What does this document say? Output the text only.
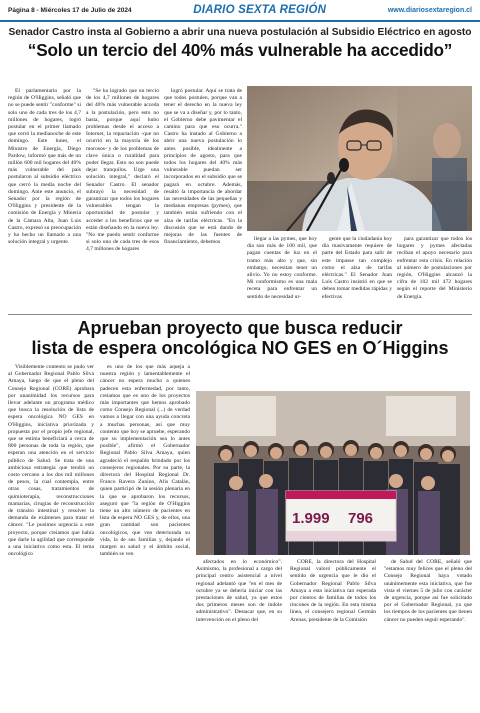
Página 8 - Miércoles 17 de Julio de 2024	DIARIO SEXTA REGIÓN	www.diariosextaregion.cl
Senador Castro insta al Gobierno a abrir una nueva postulación al Subsidio Eléctrico en agosto
“Solo un tercio del 40% más vulnerable ha accedido”

El parlamentario por la región de O'Higgins, señaló que no se puede sentir "conforme" si solo uno de cada tres de los 4,7 millones de hogares, logró postular en el primer llamado que cerró la medianoche de este domingo. Este lunes, el Ministro de Energía, Diego Pardow, informó que más de un millón 600 mil hogares del 40% más vulnerable del país postularon al subsidio eléctrico que cerró la media noche del domingo. Ante este anuncio, el Senador por la región de O'Higgins y presidente de la comisión de Energía y Minería de la Cámara Alta, Juan Luis Castro, expresó su preocupación y ha hecho un llamado a una solución integral y urgente.

"Se ha logrado que un tercio de los 4,7 millones de hogares del 40% más vulnerable acceda a la postulación, pero esto no basta, porque aquí hubo problemas desde el acceso a Internet, la repactación -que no ocurrió en la mayoría de los morosos- y de los problemas de clave única o ruralidad para poder llegar. Esto no son puede dejar tranquilos. Urge una solución integral," declaró el Senador Castro. El senador subrayó la necesidad de garantizar que todos los hogares vulnerables tengan la oportunidad de postular y acceder a los beneficios que se están diseñando en la nueva ley. "No me puedo sentir conforme si solo uno de cada tres de esos 4,7 millones de hogares

logró postular. Aquí se trata de que todos postulen, porque van a tener el derecho en la nueva ley que se va a diseñar y, por lo tanto, el Gobierno debe pavimentar el camino para que eso ocurra." Castro ha instado al Gobierno a abrir una nueva postulación lo antes posible, idealmente a principios de agosto, para que todos los hogares del 40% más vulnerable puedan ser incorporados en el subsidio que se pagará en octubre. Además, resaltó la importancia de abordar las necesidades de las pequeñas y medianas empresas (pymes), que también están sufriendo con el alza de tarifas eléctricas. "En la discusión que se está dando de mejoras de las fuentes de financiamiento, debemos

llegar a las pymes, que hoy día son más de 100 mil, que pagan cuentas de luz en el tramo más alto y que, sin embargo, necesitan tener un alivio. Yo no estoy conforme. Mi conformismo es una mala receta para enfrentar un sentido de necesidad ur-

gente que la ciudadanía hoy día masivamente requiere de parte del Estado para salir de este impasse tan complejo como el alza de tarifas eléctricas." El Senador Juan Luis Castro insistió en que se deben tomar medidas rápidas y efectivas

para garantizar que todos los hogares y pymes afectadas reciban el apoyo necesario para enfrentar esta crisis. En relación al número de postulaciones por región, O'Higgins alcanzó la cifra de 102 mil 472 hogares según el reporte del Ministerio de Energía.

Aprueban proyecto que busca reducir
lista de espera oncológica NO GES en O´Higgins

Visiblemente contento se pudo ver al Gobernador Regional Pablo Silva Amaya, luego de que el pleno del Consejo Regional (CORE) aprobara por unanimidad los recursos para llevar adelante un programa médico que busca la resolución de lista de espera oncológica NO GES en O'Higgins, iniciativa priorizada y propuesta por el propio jefe regional, que se estima beneficiará a cerca de 800 personas de toda la región, que esperan una atención en el servicio público de Salud. Se trata de una ambiciosa estrategia que tendrá un costo cercano a los dos mil millones de pesos, la cual contempla, entre otras cosas, tratamientos de quimioterapia, reconstrucciones mamarias, cirugías de reconstrucción de tránsito intestinal y resolver la demanda de exámenes para tratar el cáncer. "Le pusimos urgencia a este proyecto, porque creíamos que había que darle la agilidad que corresponde a una iniciativa como esta. El tema oncológico

es uno de los que más aqueja a nuestra región y lamentablemente el cáncer no espera mucho a quienes padecen esta enfermedad, por tanto, creíamos que es uno de los proyectos más importantes que hemos aprobado como Consejo Regional (...) de verdad vamos a llegar con una ayuda concreta a muchas personas, así que muy contento que hoy se apruebe, esperando que su implementación sea lo antes posible", afirmó el Gobernador Regional Pablo Silva Amaya, quien agradeció el respaldo brindado por los consejeros regionales. Por su parte, la directora del Hospital Regional Dr. Franco Ravera Zunino, Alis Catalán, quien participó de la sesión plenaria en la que se aprobaron los recursos, aseguró que "la región de O'Higgins tiene un alto número de pacientes en lista de espera NO GES y, de ellos, una gran cantidad son pacientes oncológicos, que ven deteriorada su vida, la de sus familias y, dejando el margen su salud y el ámbito social, también se ven

afectados en lo económico". Asimismo, la profesional a cargo del principal centro asistencial a nivel regional adelantó que "en el mes de octubre ya se debería iniciar con las prestaciones de salud, ya que estos dos primeros meses son de índole administrativo". Destacar que, en su intervención en el pleno del

CORE, la directora del Hospital Regional valoró públicamente el sentido de urgencia que le dio el Gobernador Regional Pablo Silva Amaya a esta iniciativa tan esperada por cientos de familias de todos los rincones de la región. En esta misma línea, el consejero regional Germán Arenas, presidente de la Comisión

de Salud del CORE, señaló que "estamos muy felices que el pleno del Consejo Regional haya votado unánimemente esta iniciativa, que fue vista el viernes 5 de julio con carácter de urgencia, porque así fue solicitado por el Gobernador Regional, ya que los tiempos de los pacientes que tienen cáncer no pueden seguir esperando".

1.999 796
